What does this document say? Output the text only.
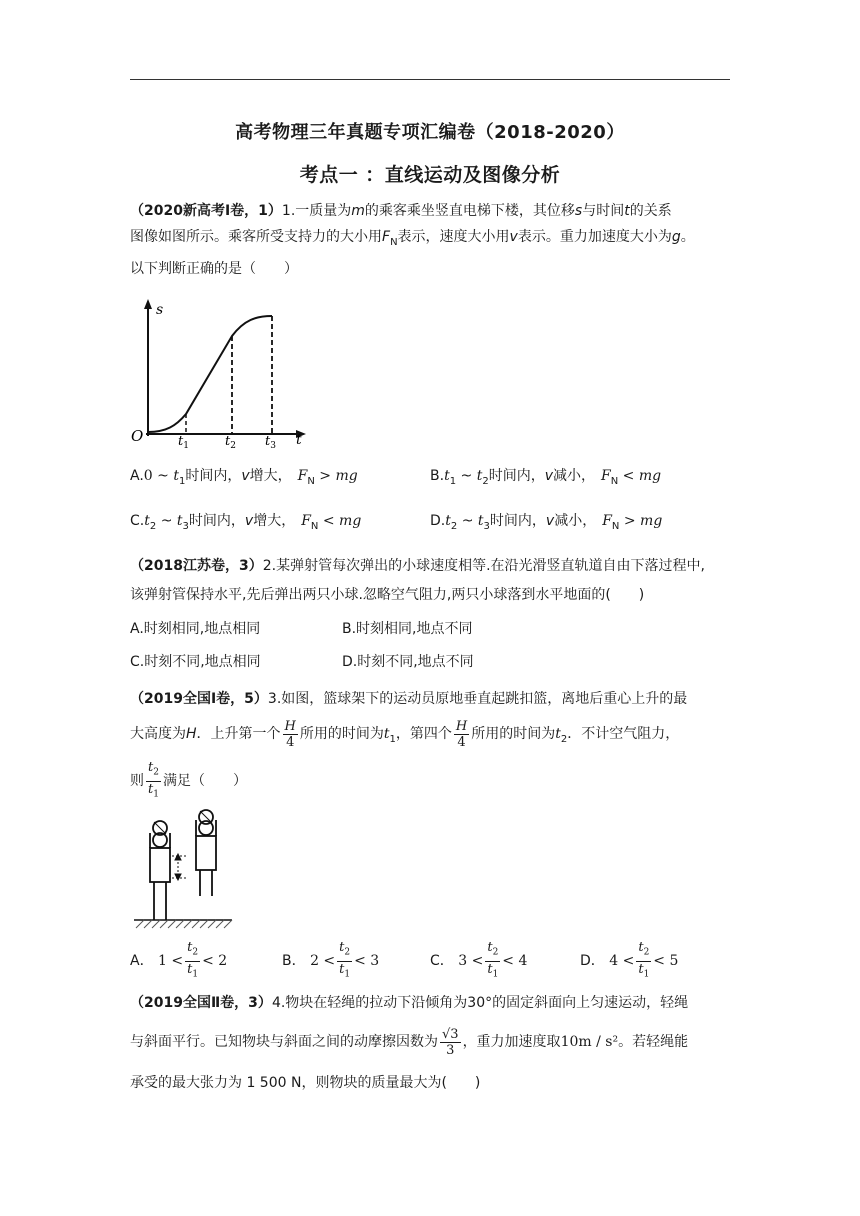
高考物理三年真题专项汇编卷（2018-2020）
考点一 ：直线运动及图像分析
（2020新高考Ⅰ卷，1）1.一质量为m的乘客乘坐竖直电梯下楼，其位移s与时间t的关系
图像如图所示。乘客所受支持力的大小用$F_N$表示，速度大小用v表示。重力加速度大小为g。
以下判断正确的是（　　）
s
O	t
$t_1$	$t_2$ $t_3$
A.0 ~ $t_1$时间内，v增大， $F_N$ > mg	$B.t_1$ ~ $t_2$时间内，v减小， $F_N$ < mg
$C.t_2$ ~ $t_3$时间内，v增大， $F_N$ < mg	$D.t_2$ ~ $t_3$时间内，v减小， $F_N$ > mg
（2018江苏卷，3）2.某弹射管每次弹出的小球速度相等.在沿光滑竖直轨道自由下落过程中,
该弹射管保持水平,先后弹出两只小球.忽略空气阻力,两只小球落到水平地面的(　　)
A.时刻相同,地点相同	B.时刻相同,地点不同
C.时刻不同,地点相同	D.时刻不同,地点不同
（2019全国Ⅰ卷，5）3.如图，篮球架下的运动员原地垂直起跳扣篮，离地后重心上升的最
大高度为H．上升第一个 $\frac{H}{4}$ 所用的时间为$t_1$，第四个 $\frac{H}{4}$ 所用的时间为$t_2$．不计空气阻力，
则 $\frac{t_2}{t_1}$ 满足（　　）
A． $1 < \frac{t_2}{t_1} < 2$	B． $2 < \frac{t_2}{t_1} < 3$	C． $3 < \frac{t_2}{t_1} < 4$	D． $4 < \frac{t_2}{t_1} < 5$
（2019全国Ⅱ卷，3）4.物块在轻绳的拉动下沿倾角为30°的固定斜面向上匀速运动，轻绳
与斜面平行。已知物块与斜面之间的动摩擦因数为 $\frac{√3}{3}$ ，重力加速度取10m / s²。若轻绳能
承受的最大张力为 1 500 N，则物块的质量最大为(　　)
